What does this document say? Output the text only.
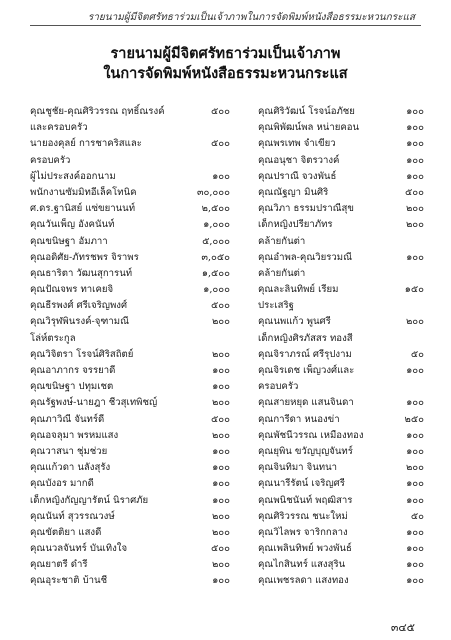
รายนามผู้มีจิตศรัทธาร่วมเป็นเจ้าภาพในการจัดพิมพ์หนังสือธรรมะหวนกระแส
รายนามผู้มีจิตศรัทธาร่วมเป็นเจ้าภาพ
ในการจัดพิมพ์หนังสือธรรมะหวนกระแส
คุณชูชัย-คุณศิริวรรณ ฤทธิ์ณรงค์	๕๐๐
และครอบครัว
นายองคุลย์ การชาคริสและ	๕๐๐
ครอบครัว
ผู้ไม่ประสงค์ออกนาม	๑๐๐
พนักงานซัมมิทอีเล็คโทนิค	๓๐,๐๐๐
ศ.ดร.ฐานิสย์ แซ่ขยานนท์	๒,๕๐๐
คุณวันเพ็ญ อังคนันท์	๑,๐๐๐
คุณขนิษฐา อัมภาา	๕,๐๐๐
คุณอดิศัย-ภัทรชพร จิราพร	๓,๐๕๐
คุณธาริตา วัฒนสุการนท์	๑,๕๐๐
คุณปัณจพร ทาเคยจิ	๑,๐๐๐
คุณธีรพงศ์ ศรีเจริญพงศ์	๕๐๐
คุณวิรุฬพินรงค์-จุฑามณี	๒๐๐
โล่ห์ตระกูล
คุณวิจิตรา โรจน์ศิริสถิตย์	๒๐๐
คุณอาภากร จรรยาดี	๑๐๐
คุณขนิษฐา ปทุมเชต	๑๐๐
คุณรัฐพงษ์-นายฎา ชีวสุเทพิชญ์	๒๐๐
คุณภาวิณี จันทร์ดี	๕๐๐
คุณอจลุมา พรหมแสง	๒๐๐
คุณวาสนา ชุ่มช่วย	๑๐๐
คุณแก้วดา นลังสุรัง	๑๐๐
คุณบังอร มากดี	๑๐๐
เด็กหญิงกัญญารัตน์ นิราศภัย	๑๐๐
คุณนันท์ สุวรรณวงษ์	๒๐๐
คุณขัตติยา แสงดี	๒๐๐
คุณนวลจันทร์ บันเทิงใจ	๕๐๐
คุณยาตรี ดำรี	๒๐๐
คุณอุระชาติ บ้านชี	๑๐๐
คุณศิริวัฒน์ โรจน์อภัชย	๑๐๐
คุณพิพัฒน์พล หน่ายคอน	๑๐๐
คุณพรเทพ จำเขียว	๑๐๐
คุณอนุชา จิตรวางค์	๑๐๐
คุณปราณี จวงพันธ์	๑๐๐
คุณณัฐญา มินศิริ	๕๐๐
คุณวิภา ธรรมปราณีสุข	๒๐๐
เด็กหญิงปรียาภัทร	๒๐๐
คล้ายกันต่า
คุณอำพล-คุณวิยรวมณี	๑๐๐
คล้ายกันต่า
คุณละลินทิพย์ เรียม	๑๕๐
ประเสริฐ
คุณนพแก้ว พูนศรี	๒๐๐
เด็กหญิงศิรภัสสร ทองสี
คุณจิราภรณ์ ศรีรุปงาม	๕๐
คุณจิรเดช เพ็ญวงศ์และ	๑๐๐
ครอบครัว
คุณสายหยุด แสนจินดา	๑๐๐
คุณการีดา หนองข่า	๒๕๐
คุณพัชนีวรรณ เหมืองทอง	๑๐๐
คุณยุพิน ขวัญบุญจันทร์	๑๐๐
คุณจินทิมา จินทนา	๒๐๐
คุณนารีรัตน์ เจริญศรี	๑๐๐
คุณพนิชนันท์ พฤฒิสาร	๑๐๐
คุณศิริวรรณ ชนะใหม่	๕๐
คุณวิไลพร จาริกกลาง	๑๐๐
คุณเพลินทิพย์ พวงพันธ์	๑๐๐
คุณไกสินทร์ แสงสุริน	๑๐๐
คุณเพชรลดา แสงทอง	๑๐๐
๓๔๕
